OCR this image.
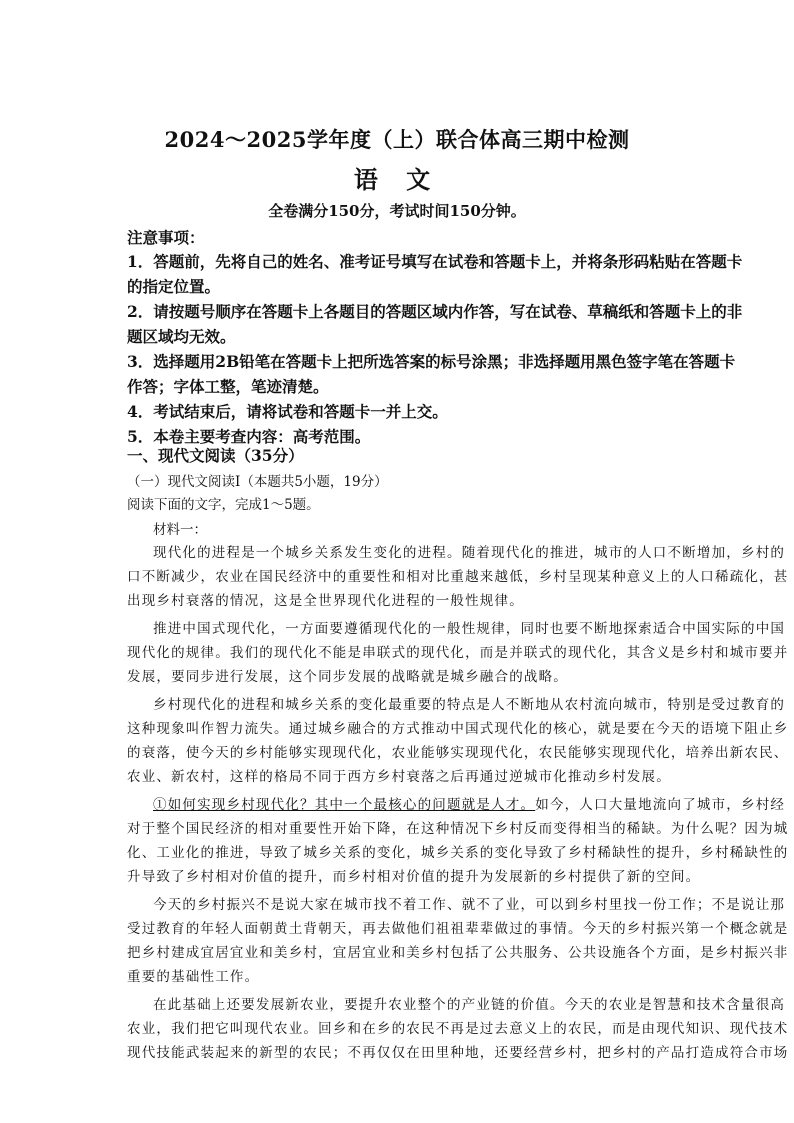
2024～2025学年度（上）联合体高三期中检测
语 文
全卷满分150分，考试时间150分钟。
注意事项：
1．答题前，先将自己的姓名、准考证号填写在试卷和答题卡上，并将条形码粘贴在答题卡
的指定位置。
2．请按题号顺序在答题卡上各题目的答题区域内作答，写在试卷、草稿纸和答题卡上的非
题区域均无效。
3．选择题用2B铅笔在答题卡上把所选答案的标号涂黑；非选择题用黑色签字笔在答题卡
作答；字体工整，笔迹清楚。
4．考试结束后，请将试卷和答题卡一并上交。
5．本卷主要考查内容：高考范围。
一、现代文阅读（35分）
（一）现代文阅读Ⅰ（本题共5小题，19分）
阅读下面的文字，完成1～5题。
材料一：
现代化的进程是一个城乡关系发生变化的进程。随着现代化的推进，城市的人口不断增加，乡村的
口不断减少，农业在国民经济中的重要性和相对比重越来越低，乡村呈现某种意义上的人口稀疏化，甚
出现乡村衰落的情况，这是全世界现代化进程的一般性规律。
推进中国式现代化，一方面要遵循现代化的一般性规律，同时也要不断地探索适合中国实际的中国
现代化的规律。我们的现代化不能是串联式的现代化，而是并联式的现代化，其含义是乡村和城市要并
发展，要同步进行发展，这个同步发展的战略就是城乡融合的战略。
乡村现代化的进程和城乡关系的变化最重要的特点是人不断地从农村流向城市，特别是受过教育的
这种现象叫作智力流失。通过城乡融合的方式推动中国式现代化的核心，就是要在今天的语境下阻止乡
的衰落，使今天的乡村能够实现现代化，农业能够实现现代化，农民能够实现现代化，培养出新农民、
农业、新农村，这样的格局不同于西方乡村衰落之后再通过逆城市化推动乡村发展。
①如何实现乡村现代化？其中一个最核心的问题就是人才。如今，人口大量地流向了城市，乡村经
对于整个国民经济的相对重要性开始下降，在这种情况下乡村反而变得相当的稀缺。为什么呢？因为城
化、工业化的推进，导致了城乡关系的变化，城乡关系的变化导致了乡村稀缺性的提升，乡村稀缺性的
升导致了乡村相对价值的提升，而乡村相对价值的提升为发展新的乡村提供了新的空间。
今天的乡村振兴不是说大家在城市找不着工作、就不了业，可以到乡村里找一份工作；不是说让那
受过教育的年轻人面朝黄土背朝天，再去做他们祖祖辈辈做过的事情。今天的乡村振兴第一个概念就是
把乡村建成宜居宜业和美乡村，宜居宜业和美乡村包括了公共服务、公共设施各个方面，是乡村振兴非
重要的基础性工作。
在此基础上还要发展新农业，要提升农业整个的产业链的价值。今天的农业是智慧和技术含量很高
农业，我们把它叫现代农业。回乡和在乡的农民不再是过去意义上的农民，而是由现代知识、现代技术
现代技能武装起来的新型的农民；不再仅仅在田里种地，还要经营乡村，把乡村的产品打造成符合市场
